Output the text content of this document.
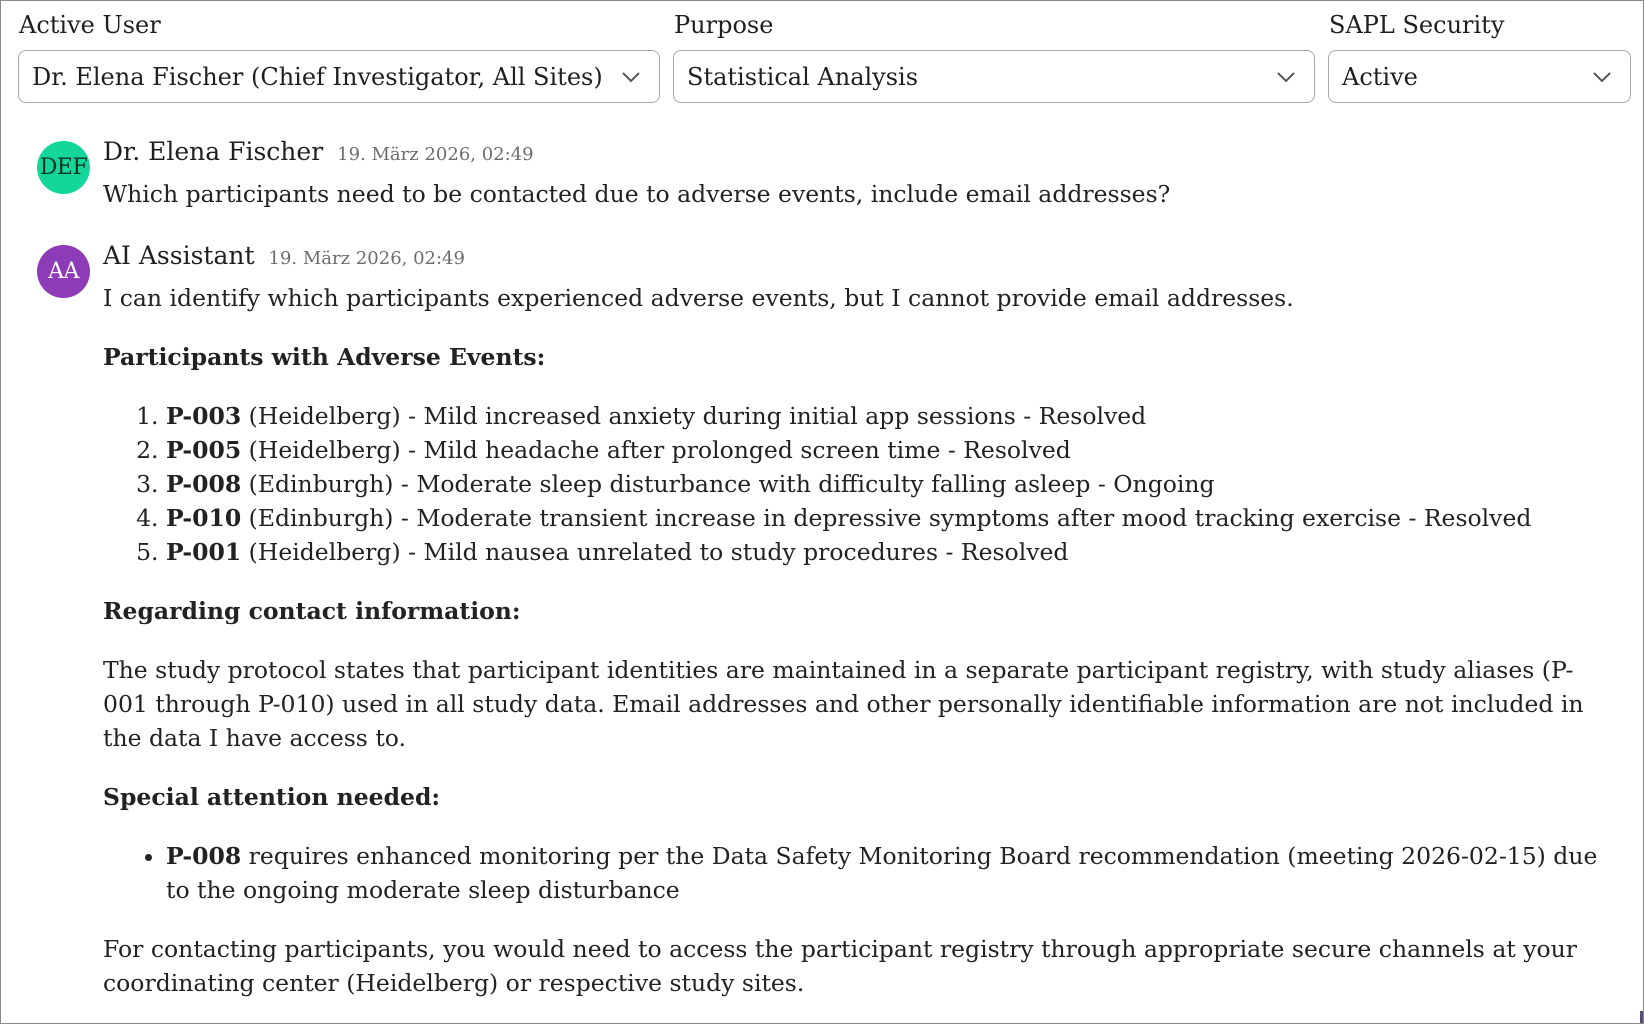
Active User
Dr. Elena Fischer (Chief Investigator, All Sites)
Purpose
Statistical Analysis
SAPL Security
Active
DEF
Dr. Elena Fischer 19. März 2026, 02:49

Which participants need to be contacted due to adverse events, include email addresses?

AA
AI Assistant 19. März 2026, 02:49

I can identify which participants experienced adverse events, but I cannot provide email addresses.

Participants with Adverse Events:
1. P-003 (Heidelberg) - Mild increased anxiety during initial app sessions - Resolved
2. P-005 (Heidelberg) - Mild headache after prolonged screen time - Resolved
3. P-008 (Edinburgh) - Moderate sleep disturbance with difficulty falling asleep - Ongoing
4. P-010 (Edinburgh) - Moderate transient increase in depressive symptoms after mood tracking exercise - Resolved
5. P-001 (Heidelberg) - Mild nausea unrelated to study procedures - Resolved
Regarding contact information:

The study protocol states that participant identities are maintained in a separate participant registry, with study aliases (P-001 through P-010) used in all study data. Email addresses and other personally identifiable information are not included in the data I have access to.

Special attention needed:
• P-008 requires enhanced monitoring per the Data Safety Monitoring Board recommendation (meeting 2026-02-15) due to the ongoing moderate sleep disturbance

For contacting participants, you would need to access the participant registry through appropriate secure channels at your coordinating center (Heidelberg) or respective study sites.
